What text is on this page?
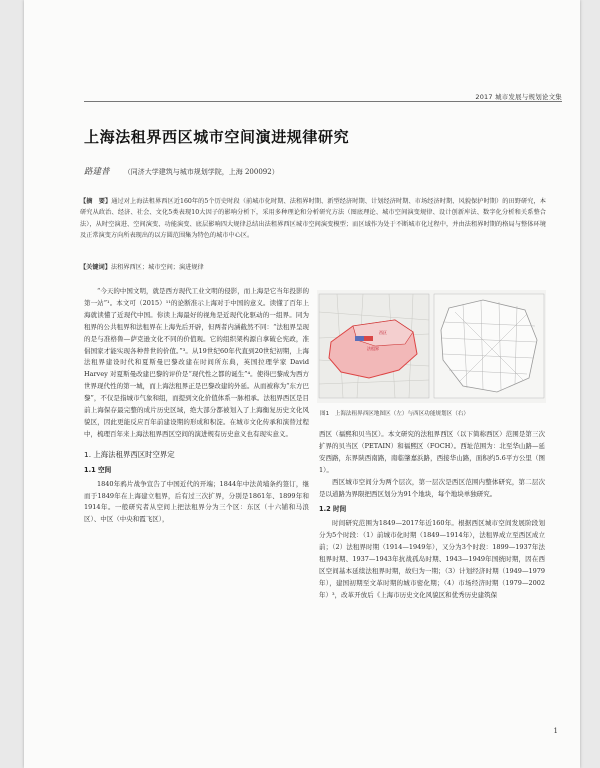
2017 城市发展与规划论文集
上海法租界西区城市空间演进规律研究
路建普 （同济大学建筑与城市规划学院，上海 200092）
【摘　要】通过对上海法租界西区近160年的5个历史时段（前城市化时期、法租界时期、新型经济时期、计划经济时期、市场经济时期、风貌保护时期）的田野研究，本研究从政治、经济、社会、文化5类表现10大因子的影响分析下，采用多种理论和分析研究方法（图底理论、城市空间演变规律、设计创新库法、数字化分析和关系整合法），从时空演进、空间演变、功能演变、底层影响四大规律总结出法租界西区城市空间演变模型；而区域作为处于不断城市化过程中，并由法租界时期的格局与整体环境及正常演变方向所表现出的以方圆范围集为特色的城市中心区。
【关键词】法租界西区；城市空间；演进规律

“今天的中国文明，就是西方现代工业文明的侵影，而上海是它当年投影的第一站”¹。本文可（2015）¹¹的论断准示上海对于中国的意义。读懂了百年上海就读懂了近现代中国。你读上海最好的视角是近现代化驱动的一组界。同为租界的公共租界和法租界在上海先后开辟，但两者内涵截然不同：“法租界呈现的是与准格鲁—萨克逊文化不同的价值观。它的组织架构源自拿破仑宪政，准倡国家才能实现各种普世的价值。”³。从19世纪60年代直到20世纪初期，上海法租界建设时代和夏斯曼巴黎改建在时间所东典，英国拉理学家 David Harvey 对夏斯曼改建巴黎的评价是“现代性之都的诞生”⁴。使得巴黎成为西方世界现代性的第一城，而上海法租界正是巴黎改建的外延。从而被称为“东方巴黎”，不仅是指城市气象和组，而提到文化价值体系一脉相承。法租界西区是目前上海保存最完整的成片历史区域，绝大部分都被划入了上海衡复历史文化风貌区，因此更能反应百年前建设期的形成和积淀。在城市文化传承和演替过程中，梳理百年来上海法租界西区空间的演进规有历史意义也有现实意义。

1. 上海法租界西区时空界定
1.1 空间

1840年鸦片战争宣告了中国近代的开端；1844年中法黄埔条约签订，继而于1849年在上海建立租界，后有过三次扩界，分别是1861年、1899年和1914年。一般研究者从空间上把法租界分为三个区：东区（十六铺和马浪区）、中区（中央和霞飞区），

法租界
西区
图1　上海法租界西区地图区（左）与西区功能规划区（右）

西区（福熙和贝当区）。本文研究的法租界西区（以下简称西区）范围是第三次扩界的贝当区（PETAIN）和福熙区（FOCH）。西址范围为：北至华山路—延安西路，东界陕西南路，南临肇嘉浜路，西接华山路，面积约5.6平方公里（图1）。

西区城市空间分为两个层次，第一层次是西区范围内整体研究，第二层次是以道路为界限把西区划分为91个地块，每个地块单独研究。

1.2 时间

时间研究范围为1849—2017年近160年。根据西区城市空间发展阶段划分为5个时段：（1）前城市化时期（1849—1914年），法租界成立至西区成立前；（2）法租界时期（1914—1949年），又分为3个时段：1899—1937年法租界时期、1937—1943年抗战孤岛时期、1943—1949年国统时期，因在西区空间基本延续法租界时期，故归为一期；（3）计划经济时期（1949—1979年），建国初期至文革时期的城市密化期；（4）市场经济时期（1979—2002年）³，改革开放后《上海市历史文化风貌区和优秀历史建筑保

1
